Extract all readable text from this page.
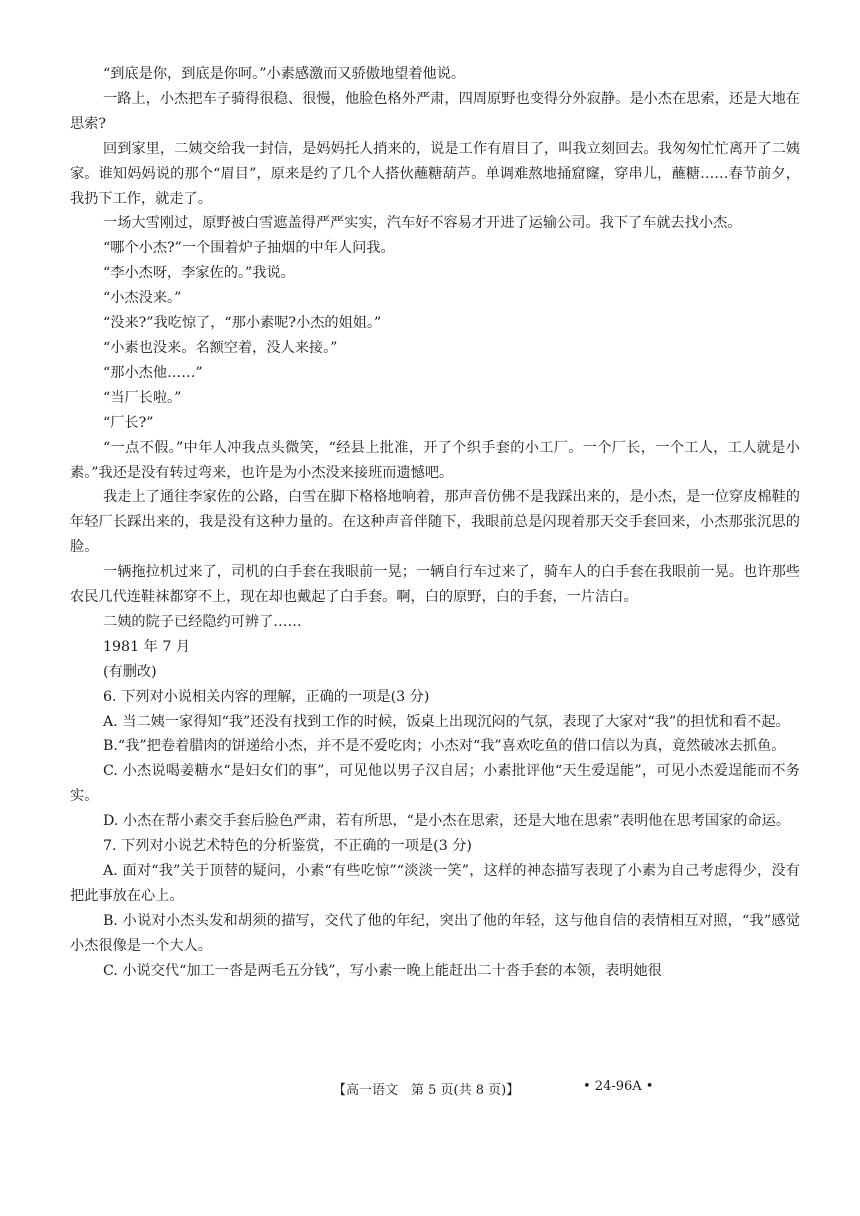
“到底是你，到底是你呵。”小素感激而又骄傲地望着他说。

一路上，小杰把车子骑得很稳、很慢，他脸色格外严肃，四周原野也变得分外寂静。是小杰在思索，还是大地在思索?

回到家里，二姨交给我一封信，是妈妈托人捎来的，说是工作有眉目了，叫我立刻回去。我匆匆忙忙离开了二姨家。谁知妈妈说的那个“眉目”，原来是约了几个人搭伙蘸糖葫芦。单调难熬地捅窟窿，穿串儿，蘸糖……春节前夕，我扔下工作，就走了。

一场大雪刚过，原野被白雪遮盖得严严实实，汽车好不容易才开进了运输公司。我下了车就去找小杰。

“哪个小杰?”一个围着炉子抽烟的中年人问我。

“李小杰呀，李家佐的。”我说。

“小杰没来。”

“没来?”我吃惊了，“那小素呢?小杰的姐姐。”

“小素也没来。名额空着，没人来接。”

“那小杰他……”

“当厂长啦。”

“厂长?”

“一点不假。”中年人冲我点头微笑，“经县上批准，开了个织手套的小工厂。一个厂长，一个工人，工人就是小素。”我还是没有转过弯来，也许是为小杰没来接班而遗憾吧。

我走上了通往李家佐的公路，白雪在脚下格格地响着，那声音仿佛不是我踩出来的，是小杰，是一位穿皮棉鞋的年轻厂长踩出来的，我是没有这种力量的。在这种声音伴随下，我眼前总是闪现着那天交手套回来，小杰那张沉思的脸。

一辆拖拉机过来了，司机的白手套在我眼前一晃；一辆自行车过来了，骑车人的白手套在我眼前一晃。也许那些农民几代连鞋袜都穿不上，现在却也戴起了白手套。啊，白的原野，白的手套，一片洁白。

二姨的院子已经隐约可辨了……

1981 年 7 月

(有删改)

6. 下列对小说相关内容的理解，正确的一项是(3 分)

A. 当二姨一家得知“我”还没有找到工作的时候，饭桌上出现沉闷的气氛，表现了大家对“我”的担忧和看不起。

B.“我”把卷着腊肉的饼递给小杰，并不是不爱吃肉；小杰对“我”喜欢吃鱼的借口信以为真，竟然破冰去抓鱼。

C. 小杰说喝姜糖水“是妇女们的事”，可见他以男子汉自居；小素批评他“天生爱逞能”，可见小杰爱逞能而不务实。

D. 小杰在帮小素交手套后脸色严肃，若有所思，“是小杰在思索，还是大地在思索”表明他在思考国家的命运。

7. 下列对小说艺术特色的分析鉴赏，不正确的一项是(3 分)

A. 面对“我”关于顶替的疑问，小素“有些吃惊”“淡淡一笑”，这样的神态描写表现了小素为自己考虑得少，没有把此事放在心上。

B. 小说对小杰头发和胡须的描写，交代了他的年纪，突出了他的年轻，这与他自信的表情相互对照，“我”感觉小杰很像是一个大人。

C. 小说交代“加工一沓是两毛五分钱”，写小素一晚上能赶出二十沓手套的本领，表明她很

【高一语文　第 5 页(共 8 页)】	• 24-96A •
